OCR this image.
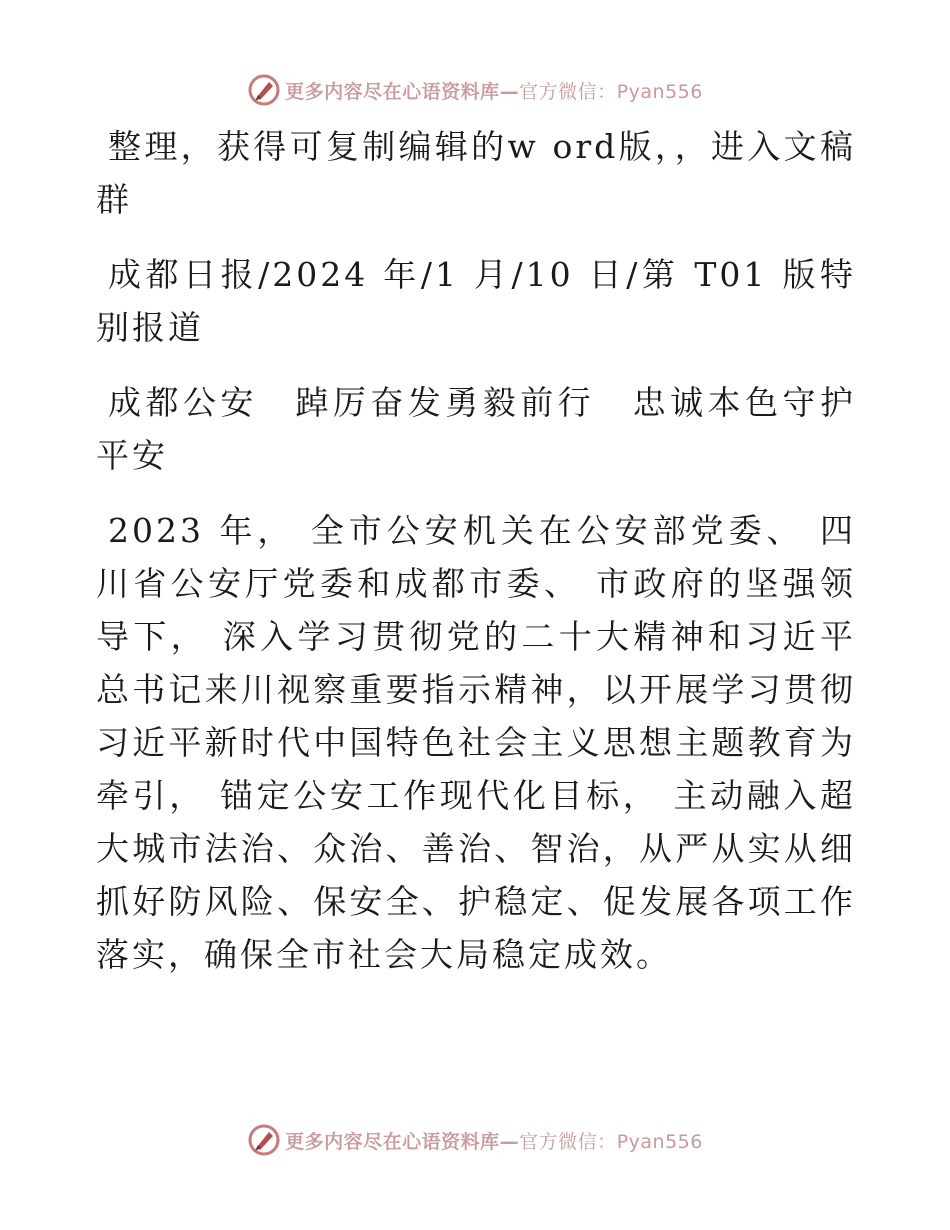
更多内容尽在心语资料库—官方微信：Pyan556

整理，获得可复制编辑的w ord版，，进入文稿群

成都日报/2024 年/1 月/10 日/第 T01 版特别报道

成都公安　踔厉奋发勇毅前行　忠诚本色守护平安

2023 年， 全市公安机关在公安部党委、 四川省公安厅党委和成都市委、 市政府的坚强领导下， 深入学习贯彻党的二十大精神和习近平总书记来川视察重要指示精神，以开展学习贯彻习近平新时代中国特色社会主义思想主题教育为牵引， 锚定公安工作现代化目标， 主动融入超大城市法治、众治、善治、智治，从严从实从细抓好防风险、保安全、护稳定、促发展各项工作落实，确保全市社会大局稳定成效。

更多内容尽在心语资料库—官方微信：Pyan556
